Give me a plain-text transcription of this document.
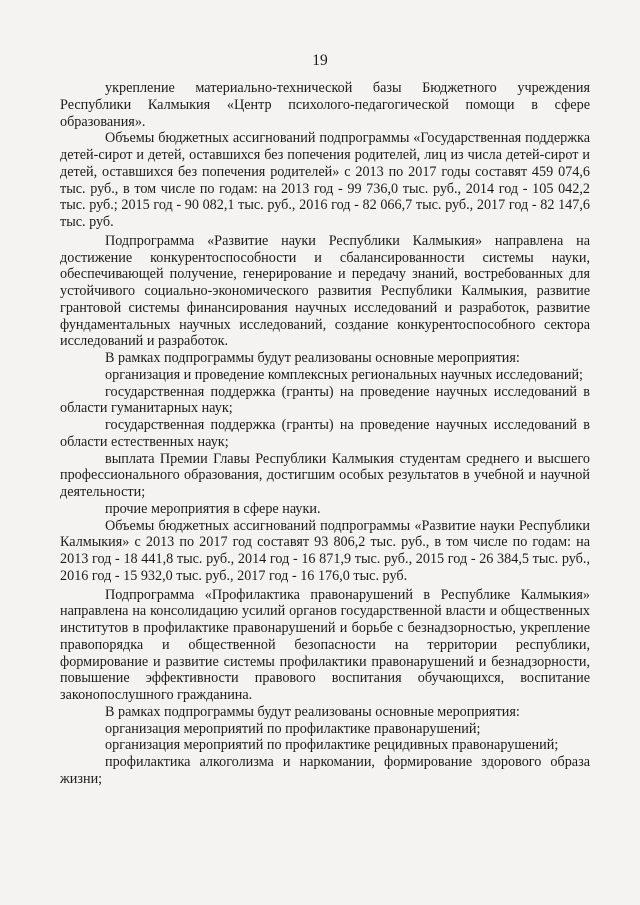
19

укрепление материально-технической базы Бюджетного учреждения Республики Калмыкия «Центр психолого-педагогической помощи в сфере образования».

Объемы бюджетных ассигнований подпрограммы «Государственная поддержка детей-сирот и детей, оставшихся без попечения родителей, лиц из числа детей-сирот и детей, оставшихся без попечения родителей» с 2013 по 2017 годы составят 459 074,6 тыс. руб., в том числе по годам: на 2013 год - 99 736,0 тыс. руб., 2014 год - 105 042,2 тыс. руб.; 2015 год - 90 082,1 тыс. руб., 2016 год - 82 066,7 тыс. руб., 2017 год - 82 147,6 тыс. руб.

Подпрограмма «Развитие науки Республики Калмыкия» направлена на достижение конкурентоспособности и сбалансированности системы науки, обеспечивающей получение, генерирование и передачу знаний, востребованных для устойчивого социально-экономического развития Республики Калмыкия, развитие грантовой системы финансирования научных исследований и разработок, развитие фундаментальных научных исследований, создание конкурентоспособного сектора исследований и разработок.

В рамках подпрограммы будут реализованы основные мероприятия:

организация и проведение комплексных региональных научных исследований;

государственная поддержка (гранты) на проведение научных исследований в области гуманитарных наук;

государственная поддержка (гранты) на проведение научных исследований в области естественных наук;

выплата Премии Главы Республики Калмыкия студентам среднего и высшего профессионального образования, достигшим особых результатов в учебной и научной деятельности;

прочие мероприятия в сфере науки.

Объемы бюджетных ассигнований подпрограммы «Развитие науки Республики Калмыкия» с 2013 по 2017 год составят 93 806,2 тыс. руб., в том числе по годам: на 2013 год - 18 441,8 тыс. руб., 2014 год - 16 871,9 тыс. руб., 2015 год - 26 384,5 тыс. руб., 2016 год - 15 932,0 тыс. руб., 2017 год - 16 176,0 тыс. руб.

Подпрограмма «Профилактика правонарушений в Республике Калмыкия» направлена на консолидацию усилий органов государственной власти и общественных институтов в профилактике правонарушений и борьбе с безнадзорностью, укрепление правопорядка и общественной безопасности на территории республики, формирование и развитие системы профилактики правонарушений и безнадзорности, повышение эффективности правового воспитания обучающихся, воспитание законопослушного гражданина.

В рамках подпрограммы будут реализованы основные мероприятия:

организация мероприятий по профилактике правонарушений;

организация мероприятий по профилактике рецидивных правонарушений;

профилактика алкоголизма и наркомании, формирование здорового образа жизни;
